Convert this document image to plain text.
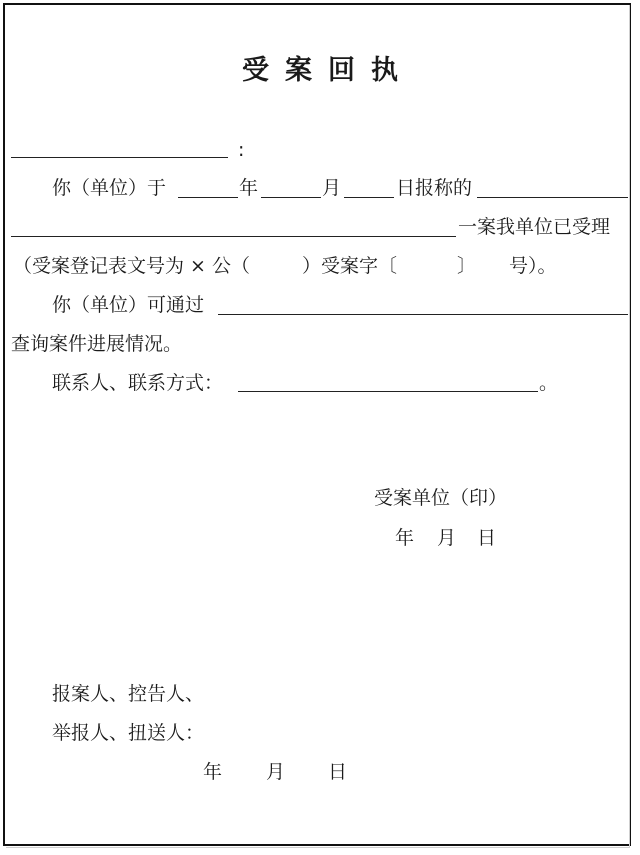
受案回执
:
你（单位）于	年	月	日报称的
一案我单位已受理
（受案登记表文号为 × 公（	）受案字〔	〕 号）。
你（单位）可通过
查询案件进展情况。
联系人、联系方式：	。
受案单位（印）
年 月 日
报案人、控告人、
举报人、扭送人：
年 月 日
